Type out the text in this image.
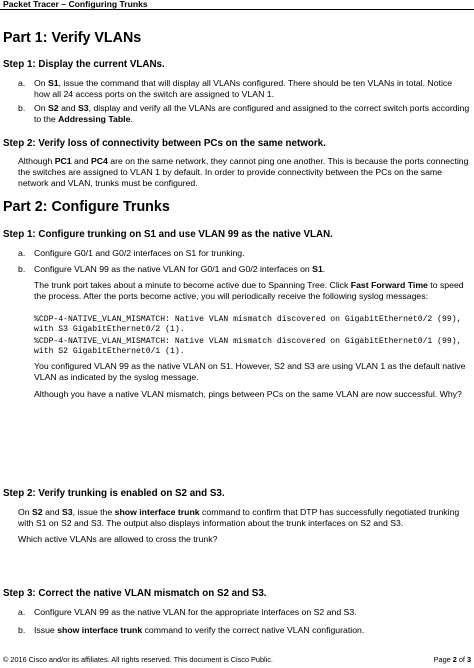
Packet Tracer – Configuring Trunks
Part 1: Verify VLANs
Step 1: Display the current VLANs.
a. On S1, issue the command that will display all VLANs configured. There should be ten VLANs in total. Notice how all 24 access ports on the switch are assigned to VLAN 1.
b. On S2 and S3, display and verify all the VLANs are configured and assigned to the correct switch ports according to the Addressing Table.
Step 2: Verify loss of connectivity between PCs on the same network.
Although PC1 and PC4 are on the same network, they cannot ping one another. This is because the ports connecting the switches are assigned to VLAN 1 by default. In order to provide connectivity between the PCs on the same network and VLAN, trunks must be configured.
Part 2: Configure Trunks
Step 1: Configure trunking on S1 and use VLAN 99 as the native VLAN.
a. Configure G0/1 and G0/2 interfaces on S1 for trunking.
b. Configure VLAN 99 as the native VLAN for G0/1 and G0/2 interfaces on S1.
The trunk port takes about a minute to become active due to Spanning Tree. Click Fast Forward Time to speed the process. After the ports become active, you will periodically receive the following syslog messages:
%CDP-4-NATIVE_VLAN_MISMATCH: Native VLAN mismatch discovered on GigabitEthernet0/2 (99), with S3 GigabitEthernet0/2 (1).
%CDP-4-NATIVE_VLAN_MISMATCH: Native VLAN mismatch discovered on GigabitEthernet0/1 (99), with S2 GigabitEthernet0/1 (1).
You configured VLAN 99 as the native VLAN on S1. However, S2 and S3 are using VLAN 1 as the default native VLAN as indicated by the syslog message.
Although you have a native VLAN mismatch, pings between PCs on the same VLAN are now successful. Why?
Step 2: Verify trunking is enabled on S2 and S3.
On S2 and S3, issue the show interface trunk command to confirm that DTP has successfully negotiated trunking with S1 on S2 and S3. The output also displays information about the trunk interfaces on S2 and S3.
Which active VLANs are allowed to cross the trunk?
Step 3: Correct the native VLAN mismatch on S2 and S3.
a. Configure VLAN 99 as the native VLAN for the appropriate interfaces on S2 and S3.
b. Issue show interface trunk command to verify the correct native VLAN configuration.
© 2016 Cisco and/or its affiliates. All rights reserved. This document is Cisco Public.	Page 2 of 3
